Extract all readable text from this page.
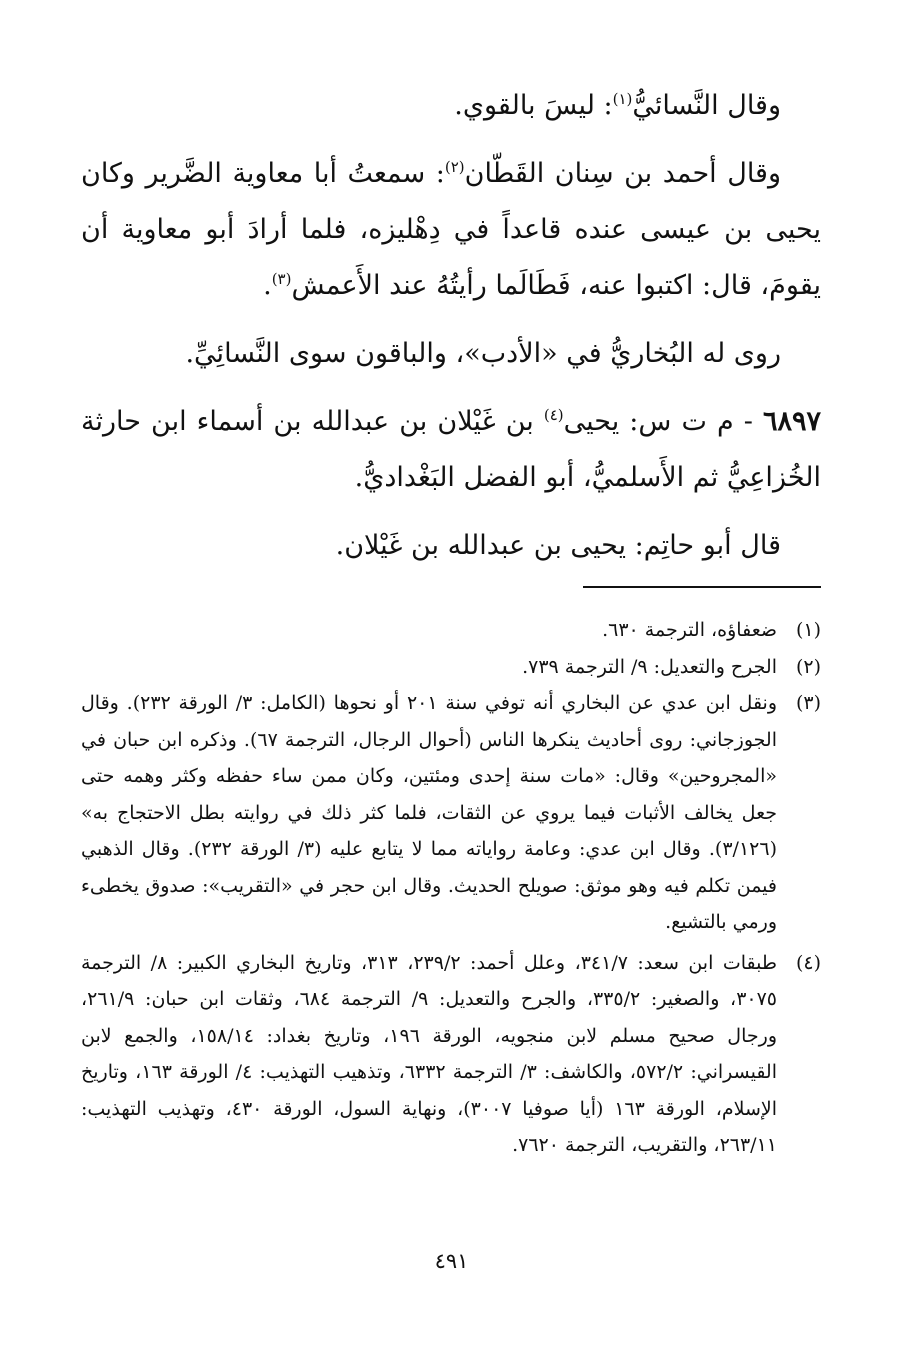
وقال النَّسائيُّ$^{(١)}$: ليسَ بالقوي.

وقال أحمد بن سِنان القَطّان$^{(٢)}$: سمعتُ أبا معاوية الضَّرير وكان يحيى بن عيسى عنده قاعداً في دِهْليزه، فلما أرادَ أبو معاوية أن يقومَ، قال: اكتبوا عنه، فَطَالَما رأيتُهُ عند الأَعمش$^{(٣)}$.

روى له البُخاريُّ في «الأدب»، والباقون سوى النَّسائِيِّ.

٦٨٩٧ - م ت س: يحيى$^{(٤)}$ بن غَيْلان بن عبدالله بن أسماء ابن حارثة الخُزاعِيُّ ثم الأَسلميُّ، أبو الفضل البَغْداديُّ.

قال أبو حاتِم: يحيى بن عبدالله بن غَيْلان.

(١)
ضعفاؤه، الترجمة ٦٣٠.
(٢)
الجرح والتعديل: ٩/ الترجمة ٧٣٩.
(٣)
ونقل ابن عدي عن البخاري أنه توفي سنة ٢٠١ أو نحوها (الكامل: ٣/ الورقة ٢٣٢). وقال الجوزجاني: روى أحاديث ينكرها الناس (أحوال الرجال، الترجمة ٦٧). وذكره ابن حبان في «المجروحين» وقال: «مات سنة إحدى ومئتين، وكان ممن ساء حفظه وكثر وهمه حتى جعل يخالف الأثبات فيما يروي عن الثقات، فلما كثر ذلك في روايته بطل الاحتجاج به» (٣/١٢٦). وقال ابن عدي: وعامة رواياته مما لا يتابع عليه (٣/ الورقة ٢٣٢). وقال الذهبي فيمن تكلم فيه وهو موثق: صويلح الحديث. وقال ابن حجر في «التقريب»: صدوق يخطىء ورمي بالتشيع.
(٤)
طبقات ابن سعد: ٣٤١/٧، وعلل أحمد: ٢٣٩/٢، ٣١٣، وتاريخ البخاري الكبير: ٨/ الترجمة ٣٠٧٥، والصغير: ٣٣٥/٢، والجرح والتعديل: ٩/ الترجمة ٦٨٤، وثقات ابن حبان: ٢٦١/٩، ورجال صحيح مسلم لابن منجويه، الورقة ١٩٦، وتاريخ بغداد: ١٥٨/١٤، والجمع لابن القيسراني: ٥٧٢/٢، والكاشف: ٣/ الترجمة ٦٣٣٢، وتذهيب التهذيب: ٤/ الورقة ١٦٣، وتاريخ الإسلام، الورقة ١٦٣ (أيا صوفيا ٣٠٠٧)، ونهاية السول، الورقة ٤٣٠، وتهذيب التهذيب: ٢٦٣/١١، والتقريب، الترجمة ٧٦٢٠.
٤٩١
